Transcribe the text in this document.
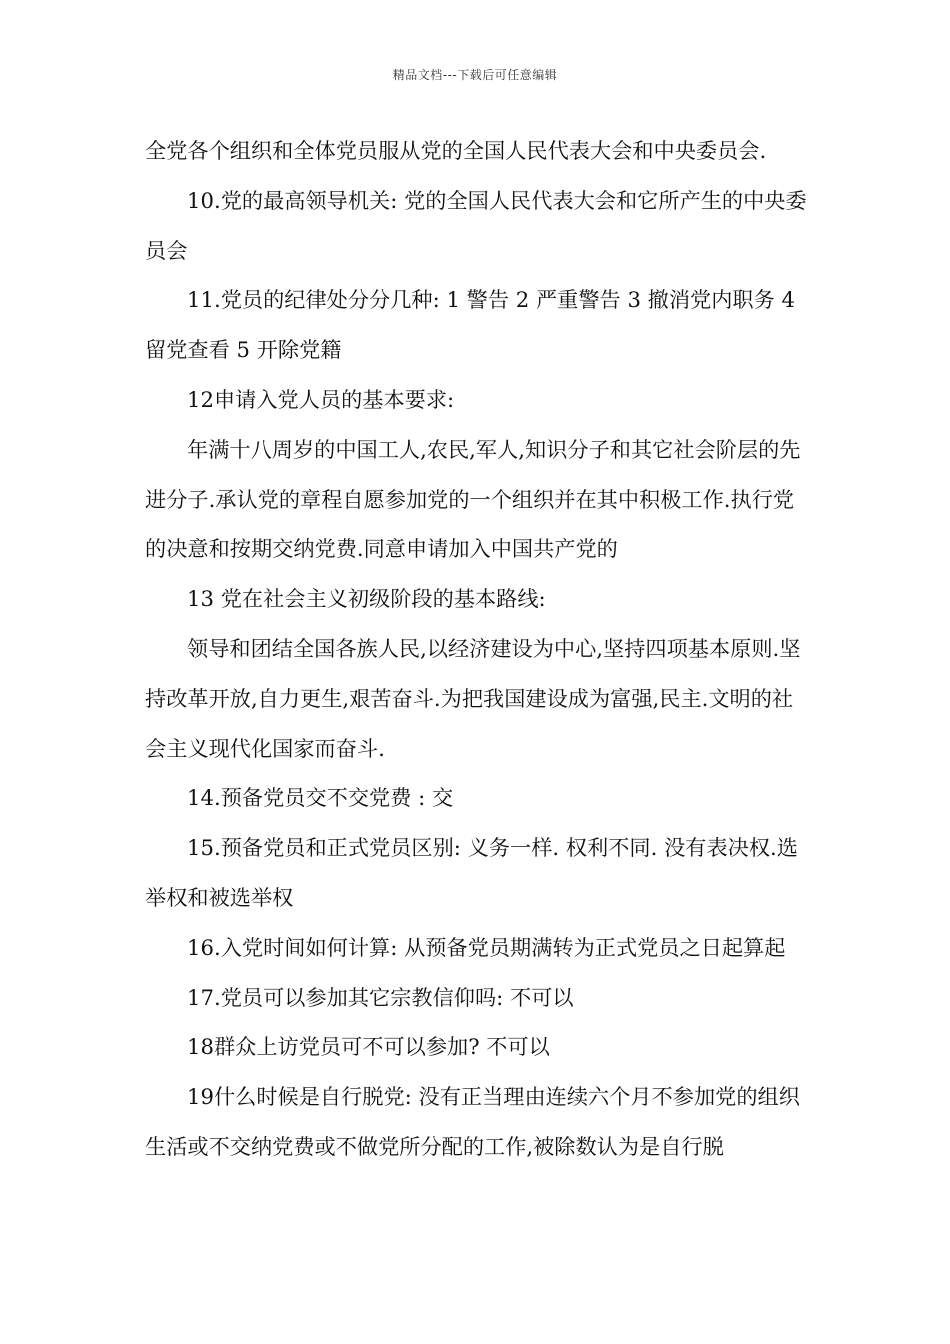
精品文档---下载后可任意编辑

全党各个组织和全体党员服从党的全国人民代表大会和中央委员会.

10.党的最高领导机关: 党的全国人民代表大会和它所产生的中央委员会

11.党员的纪律处分分几种: 1 警告 2 严重警告 3 撤消党内职务 4 留党查看 5 开除党籍

12申请入党人员的基本要求:

年满十八周岁的中国工人,农民,军人,知识分子和其它社会阶层的先进分子.承认党的章程自愿参加党的一个组织并在其中积极工作.执行党的决意和按期交纳党费.同意申请加入中国共产党的

13 党在社会主义初级阶段的基本路线:

领导和团结全国各族人民,以经济建设为中心,坚持四项基本原则.坚持改革开放,自力更生,艰苦奋斗.为把我国建设成为富强,民主.文明的社会主义现代化国家而奋斗.

14.预备党员交不交党费 : 交

15.预备党员和正式党员区别: 义务一样. 权利不同. 没有表决权.选举权和被选举权

16.入党时间如何计算: 从预备党员期满转为正式党员之日起算起

17.党员可以参加其它宗教信仰吗: 不可以

18群众上访党员可不可以参加? 不可以

19什么时候是自行脱党: 没有正当理由连续六个月不参加党的组织生活或不交纳党费或不做党所分配的工作,被除数认为是自行脱
